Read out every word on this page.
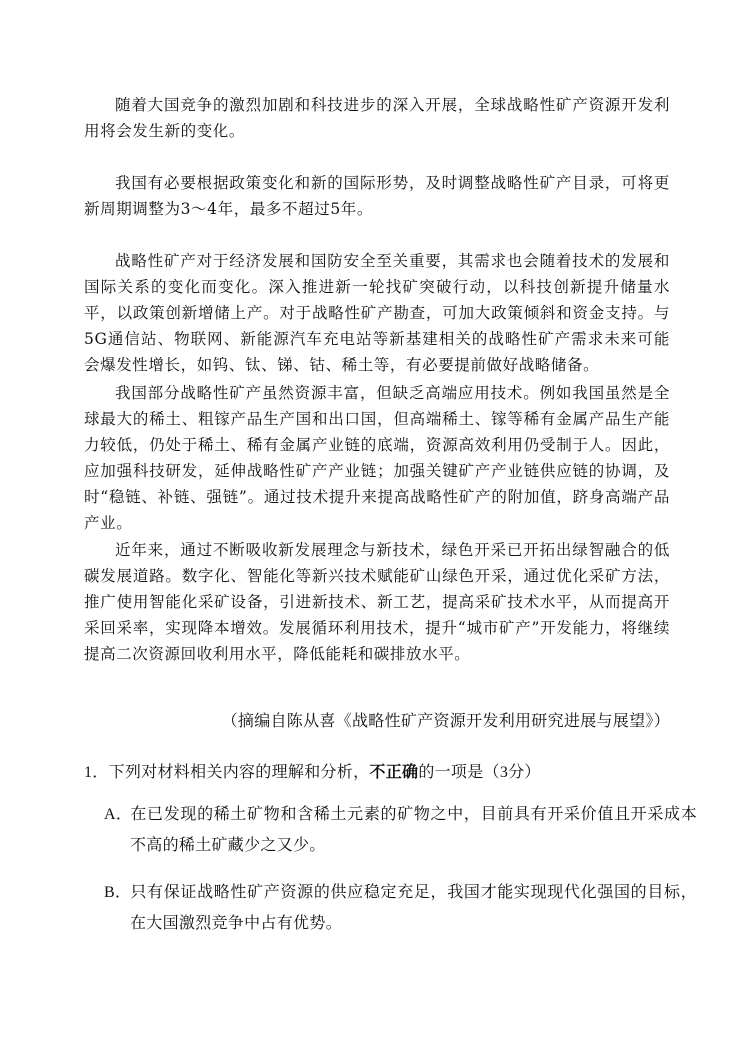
随着大国竞争的激烈加剧和科技进步的深入开展，全球战略性矿产资源开发利用将会发生新的变化。

我国有必要根据政策变化和新的国际形势，及时调整战略性矿产目录，可将更新周期调整为3～4年，最多不超过5年。

战略性矿产对于经济发展和国防安全至关重要，其需求也会随着技术的发展和国际关系的变化而变化。深入推进新一轮找矿突破行动，以科技创新提升储量水平，以政策创新增储上产。对于战略性矿产勘查，可加大政策倾斜和资金支持。与5G通信站、物联网、新能源汽车充电站等新基建相关的战略性矿产需求未来可能会爆发性增长，如钨、钛、锑、钴、稀土等，有必要提前做好战略储备。

我国部分战略性矿产虽然资源丰富，但缺乏高端应用技术。例如我国虽然是全球最大的稀土、粗镓产品生产国和出口国，但高端稀土、镓等稀有金属产品生产能力较低，仍处于稀土、稀有金属产业链的底端，资源高效利用仍受制于人。因此，应加强科技研发，延伸战略性矿产产业链；加强关键矿产产业链供应链的协调，及时“稳链、补链、强链”。通过技术提升来提高战略性矿产的附加值，跻身高端产品产业。

近年来，通过不断吸收新发展理念与新技术，绿色开采已开拓出绿智融合的低碳发展道路。数字化、智能化等新兴技术赋能矿山绿色开采，通过优化采矿方法，推广使用智能化采矿设备，引进新技术、新工艺，提高采矿技术水平，从而提高开采回采率，实现降本增效。发展循环利用技术，提升“城市矿产”开发能力，将继续提高二次资源回收利用水平，降低能耗和碳排放水平。

（摘编自陈从喜《战略性矿产资源开发利用研究进展与展望》）
1．下列对材料相关内容的理解和分析，不正确的一项是（3分）
A．在已发现的稀土矿物和含稀土元素的矿物之中，目前具有开采价值且开采成本不高的稀土矿藏少之又少。
B．只有保证战略性矿产资源的供应稳定充足，我国才能实现现代化强国的目标，在大国激烈竞争中占有优势。
